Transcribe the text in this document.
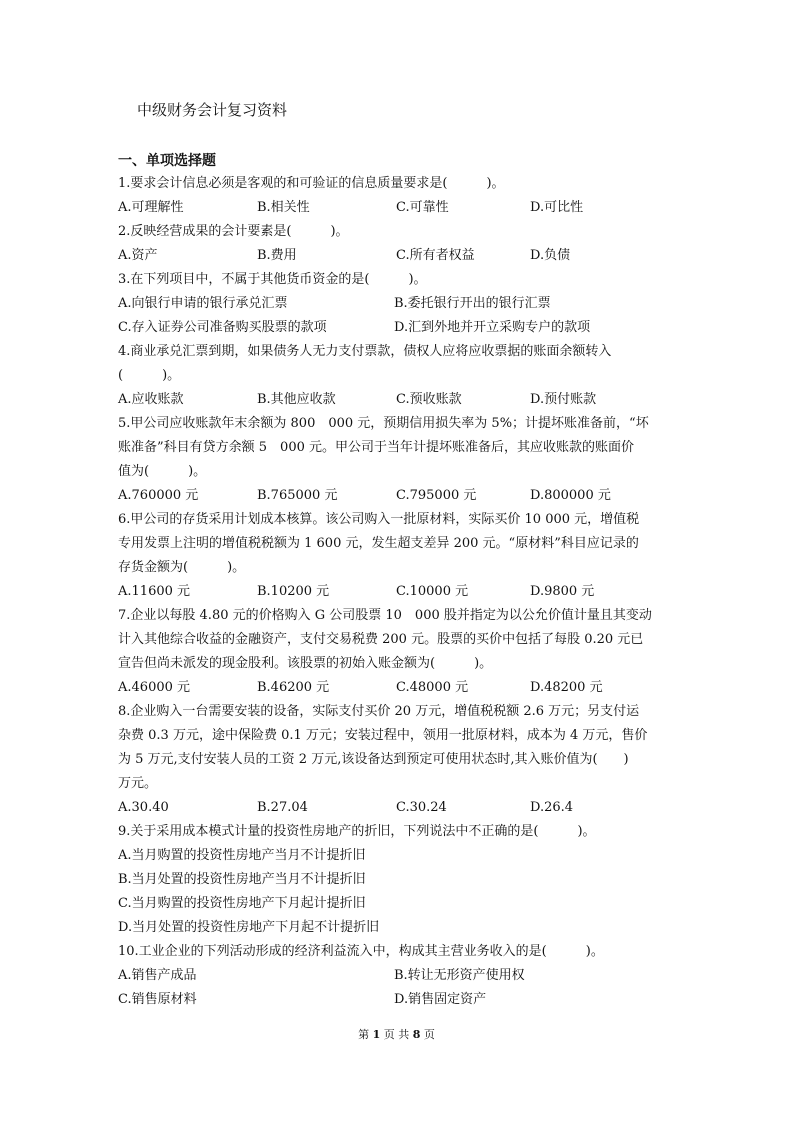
中级财务会计复习资料
一、单项选择题
1.要求会计信息必须是客观的和可验证的信息质量要求是(　　　)。
A.可理解性	B.相关性	C.可靠性	D.可比性
2.反映经营成果的会计要素是(　　　)。
A.资产	B.费用	C.所有者权益	D.负债
3.在下列项目中，不属于其他货币资金的是(　　　)。
A.向银行申请的银行承兑汇票	B.委托银行开出的银行汇票
C.存入证券公司准备购买股票的款项	D.汇到外地并开立采购专户的款项
4.商业承兑汇票到期，如果债务人无力支付票款，债权人应将应收票据的账面余额转入
(　　　)。
A.应收账款	B.其他应收款	C.预收账款	D.预付账款
5.甲公司应收账款年末余额为 800　000 元，预期信用损失率为 5%；计提坏账准备前，“坏
账准备”科目有贷方余额 5　000 元。甲公司于当年计提坏账准备后，其应收账款的账面价
值为(　　　)。
A.760000 元	B.765000 元	C.795000 元	D.800000 元
6.甲公司的存货采用计划成本核算。该公司购入一批原材料，实际买价 10 000 元，增值税
专用发票上注明的增值税税额为 1 600 元，发生超支差异 200 元。“原材料”科目应记录的
存货金额为(　　　)。
A.11600 元	B.10200 元	C.10000 元	D.9800 元
7.企业以每股 4.80 元的价格购入 G 公司股票 10　000 股并指定为以公允价值计量且其变动
计入其他综合收益的金融资产，支付交易税费 200 元。股票的买价中包括了每股 0.20 元已
宣告但尚未派发的现金股利。该股票的初始入账金额为(　　　)。
A.46000 元	B.46200 元	C.48000 元	D.48200 元
8.企业购入一台需要安装的设备，实际支付买价 20 万元，增值税税额 2.6 万元；另支付运
杂费 0.3 万元，途中保险费 0.1 万元；安装过程中，领用一批原材料，成本为 4 万元，售价
为 5 万元,支付安装人员的工资 2 万元,该设备达到预定可使用状态时,其入账价值为(　　)
万元。
A.30.40	B.27.04	C.30.24	D.26.4
9.关于采用成本模式计量的投资性房地产的折旧，下列说法中不正确的是(　　　)。
A.当月购置的投资性房地产当月不计提折旧
B.当月处置的投资性房地产当月不计提折旧
C.当月购置的投资性房地产下月起计提折旧
D.当月处置的投资性房地产下月起不计提折旧
10.工业企业的下列活动形成的经济利益流入中，构成其主营业务收入的是(　　　)。
A.销售产成品	B.转让无形资产使用权
C.销售原材料	D.销售固定资产
第 1 页 共 8 页
